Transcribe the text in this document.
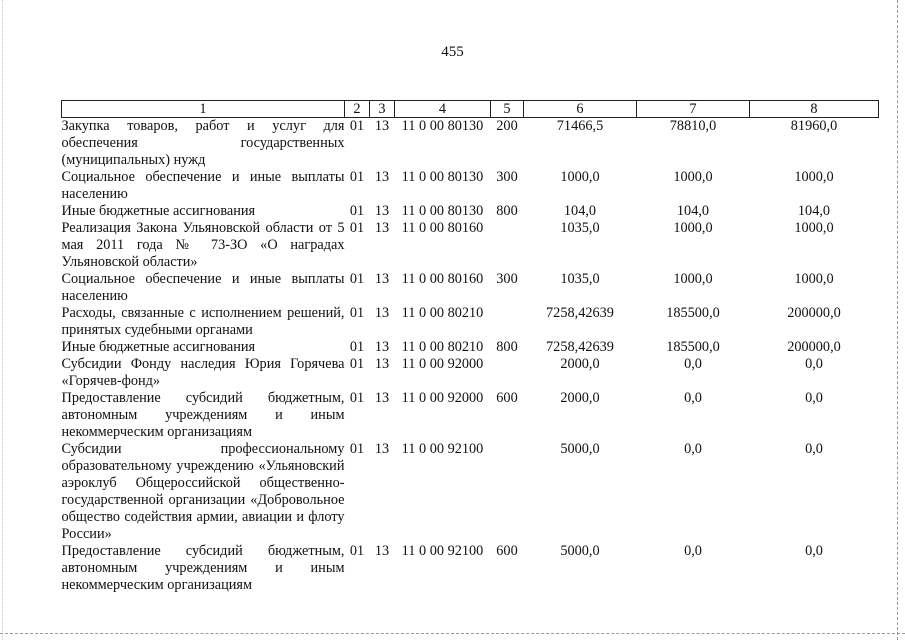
455
1	2	3	4	5	6	7	8
Закупка товаров, работ и услуг для обеспечения государственных (муниципальных) нужд	01	13	11 0 00 80130	200	71466,5	78810,0	81960,0
Социальное обеспечение и иные выплаты населению	01	13	11 0 00 80130	300	1000,0	1000,0	1000,0
Иные бюджетные ассигнования	01	13	11 0 00 80130	800	104,0	104,0	104,0
Реализация Закона Ульяновской области от 5 мая 2011 года № 73-ЗО «О наградах Ульяновской области»	01	13	11 0 00 80160		1035,0	1000,0	1000,0
Социальное обеспечение и иные выплаты населению	01	13	11 0 00 80160	300	1035,0	1000,0	1000,0
Расходы, связанные с исполнением решений, принятых судебными органами	01	13	11 0 00 80210		7258,42639	185500,0	200000,0
Иные бюджетные ассигнования	01	13	11 0 00 80210	800	7258,42639	185500,0	200000,0
Субсидии Фонду наследия Юрия Горячева «Горячев-фонд»	01	13	11 0 00 92000		2000,0	0,0	0,0
Предоставление субсидий бюджетным, автономным учреждениям и иным некоммерческим организациям	01	13	11 0 00 92000	600	2000,0	0,0	0,0
Субсидии профессиональному образовательному учреждению «Ульяновский аэроклуб Общероссийской общественно-государственной организации «Добровольное общество содействия армии, авиации и флоту России»	01	13	11 0 00 92100		5000,0	0,0	0,0
Предоставление субсидий бюджетным, автономным учреждениям и иным некоммерческим организациям	01	13	11 0 00 92100	600	5000,0	0,0	0,0
